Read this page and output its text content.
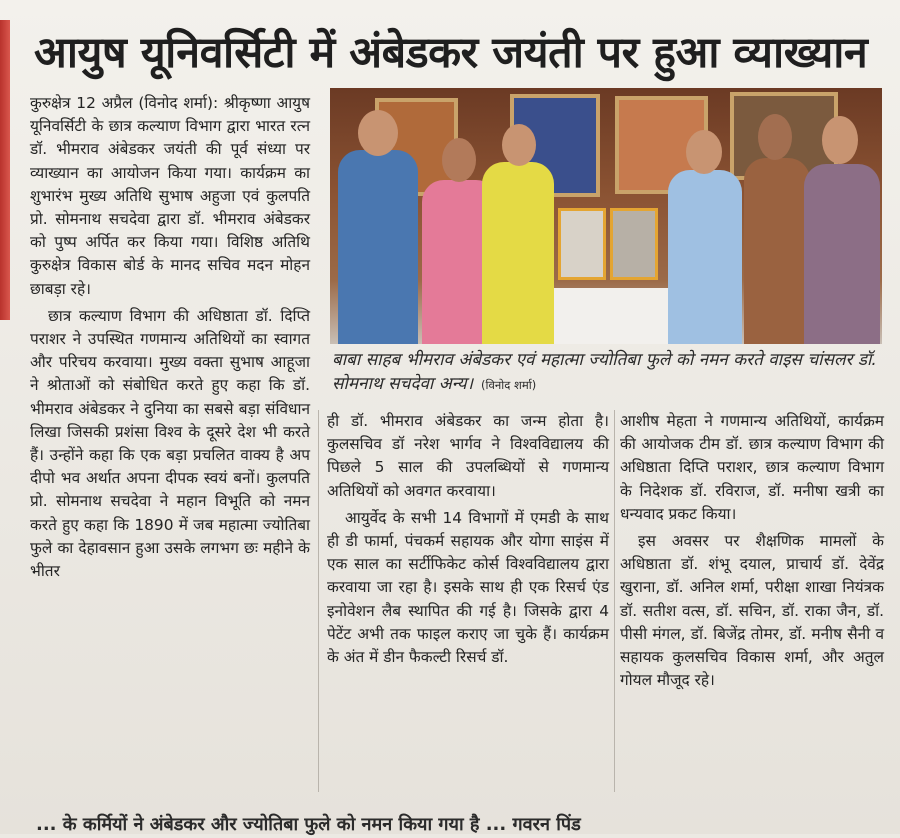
आयुष यूनिवर्सिटी में अंबेडकर जयंती पर हुआ व्याख्यान

बाबा साहब भीमराव अंबेडकर एवं महात्मा ज्योतिबा फुले को नमन करते वाइस चांसलर डॉ. सोमनाथ सचदेवा अन्य। (विनोद शर्मा)

कुरुक्षेत्र 12 अप्रैल (विनोद शर्मा): श्रीकृष्णा आयुष यूनिवर्सिटी के छात्र कल्याण विभाग द्वारा भारत रत्न डॉ. भीमराव अंबेडकर जयंती की पूर्व संध्या पर व्याख्यान का आयोजन किया गया। कार्यक्रम का शुभारंभ मुख्य अतिथि सुभाष अहुजा एवं कुलपति प्रो. सोमनाथ सचदेवा द्वारा डॉ. भीमराव अंबेडकर को पुष्प अर्पित कर किया गया। विशिष्ठ अतिथि कुरुक्षेत्र विकास बोर्ड के मानद सचिव मदन मोहन छाबड़ा रहे।

छात्र कल्याण विभाग की अधिष्ठाता डॉ. दिप्ति पराशर ने उपस्थित गणमान्य अतिथियों का स्वागत और परिचय करवाया। मुख्य वक्ता सुभाष आहूजा ने श्रोताओं को संबोधित करते हुए कहा कि डॉ. भीमराव अंबेडकर ने दुनिया का सबसे बड़ा संविधान लिखा जिसकी प्रशंसा विश्व के दूसरे देश भी करते हैं। उन्होंने कहा कि एक बड़ा प्रचलित वाक्य है अप दीपो भव अर्थात अपना दीपक स्वयं बनों। कुलपति प्रो. सोमनाथ सचदेवा ने महान विभूति को नमन करते हुए कहा कि 1890 में जब महात्मा ज्योतिबा फुले का देहावसान हुआ उसके लगभग छः महीने के भीतर

ही डॉ. भीमराव अंबेडकर का जन्म होता है। कुलसचिव डॉ नरेश भार्गव ने विश्वविद्यालय की पिछले 5 साल की उपलब्धियों से गणमान्य अतिथियों को अवगत करवाया।

आयुर्वेद के सभी 14 विभागों में एमडी के साथ ही डी फार्मा, पंचकर्म सहायक और योगा साइंस में एक साल का सर्टीफिकेट कोर्स विश्वविद्यालय द्वारा करवाया जा रहा है। इसके साथ ही एक रिसर्च एंड इनोवेशन लैब स्थापित की गई है। जिसके द्वारा 4 पेटेंट अभी तक फाइल कराए जा चुके हैं। कार्यक्रम के अंत में डीन फैकल्टी रिसर्च डॉ.

आशीष मेहता ने गणमान्य अतिथियों, कार्यक्रम की आयोजक टीम डॉ. छात्र कल्याण विभाग की अधिष्ठाता दिप्ति पराशर, छात्र कल्याण विभाग के निदेशक डॉ. रविराज, डॉ. मनीषा खत्री का धन्यवाद प्रकट किया।

इस अवसर पर शैक्षणिक मामलों के अधिष्ठाता डॉ. शंभू दयाल, प्राचार्य डॉ. देवेंद्र खुराना, डॉ. अनिल शर्मा, परीक्षा शाखा नियंत्रक डॉ. सतीश वत्स, डॉ. सचिन, डॉ. राका जैन, डॉ. पीसी मंगल, डॉ. बिजेंद्र तोमर, डॉ. मनीष सैनी व सहायक कुलसचिव विकास शर्मा, और अतुल गोयल मौजूद रहे।

... के कर्मियों ने अंबेडकर और ज्योतिबा फुले को नमन किया गया है ... गवरन पिंड
